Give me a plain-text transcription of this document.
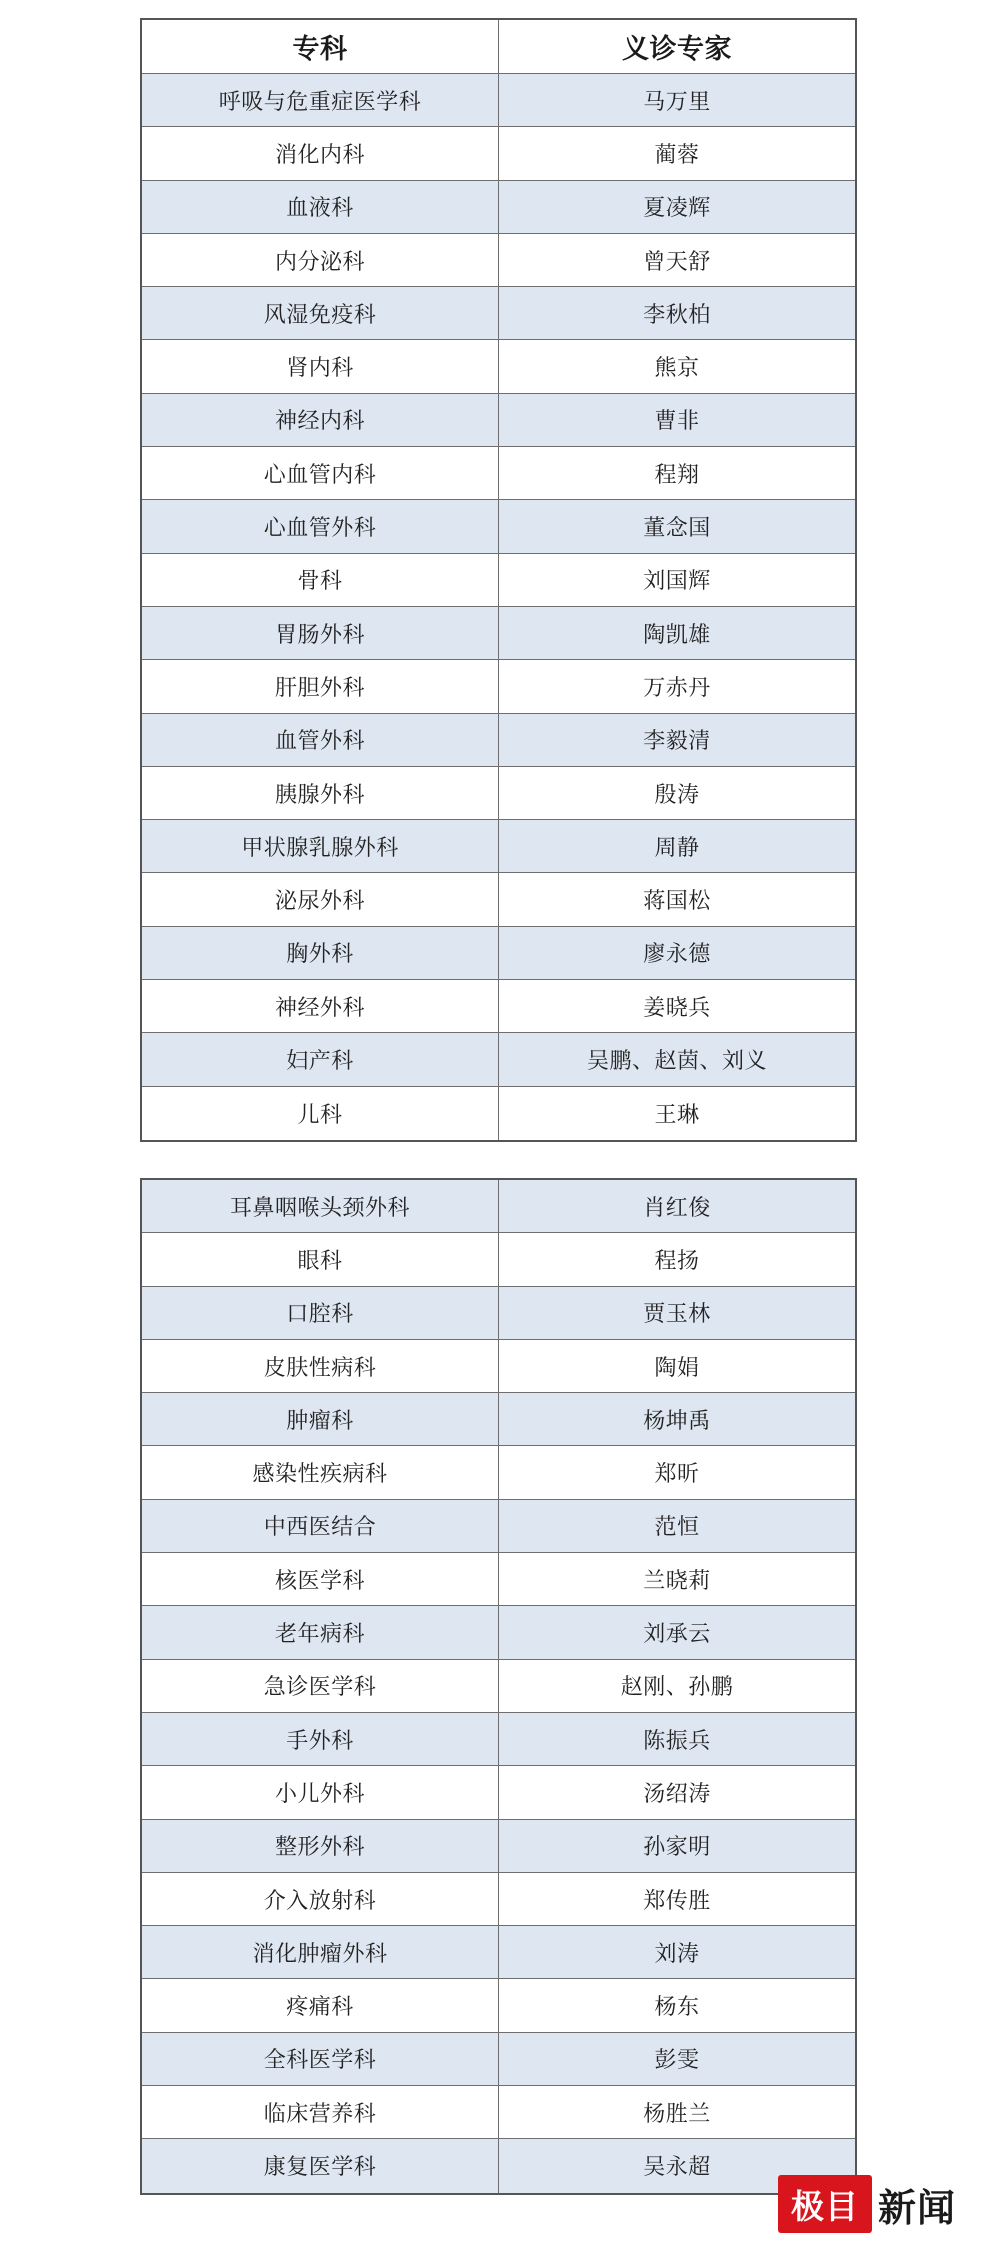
专科	义诊专家
呼吸与危重症医学科	马万里
消化内科	蔺蓉
血液科	夏凌辉
内分泌科	曾天舒
风湿免疫科	李秋柏
肾内科	熊京
神经内科	曹非
心血管内科	程翔
心血管外科	董念国
骨科	刘国辉
胃肠外科	陶凯雄
肝胆外科	万赤丹
血管外科	李毅清
胰腺外科	殷涛
甲状腺乳腺外科	周静
泌尿外科	蒋国松
胸外科	廖永德
神经外科	姜晓兵
妇产科	吴鹏、赵茵、刘义
儿科	王琳
耳鼻咽喉头颈外科	肖红俊
眼科	程扬
口腔科	贾玉林
皮肤性病科	陶娟
肿瘤科	杨坤禹
感染性疾病科	郑昕
中西医结合	范恒
核医学科	兰晓莉
老年病科	刘承云
急诊医学科	赵刚、孙鹏
手外科	陈振兵
小儿外科	汤绍涛
整形外科	孙家明
介入放射科	郑传胜
消化肿瘤外科	刘涛
疼痛科	杨东
全科医学科	彭雯
临床营养科	杨胜兰
康复医学科	吴永超
极目 新闻
